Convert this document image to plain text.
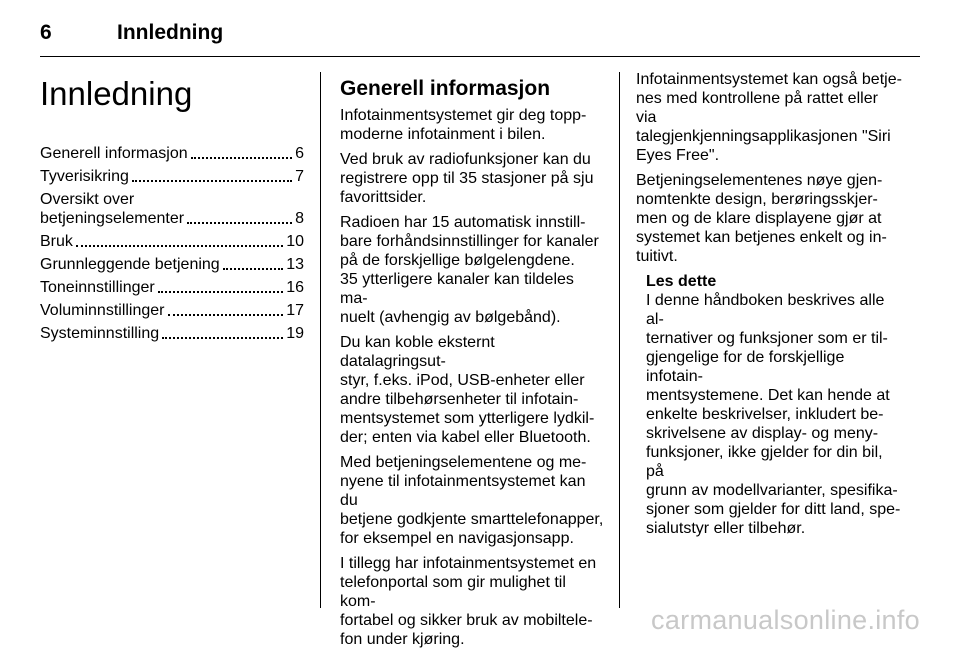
6	Innledning
Innledning
Generell informasjon	6
Tyverisikring	7
Oversikt over
betjeningselementer	8
Bruk	10
Grunnleggende betjening	13
Toneinnstillinger	16
Voluminnstillinger	17
Systeminnstilling	19
Generell informasjon
Infotainmentsystemet gir deg topp-
moderne infotainment i bilen.
Ved bruk av radiofunksjoner kan du
registrere opp til 35 stasjoner på sju
favorittsider.
Radioen har 15 automatisk innstill-
bare forhåndsinnstillinger for kanaler
på de forskjellige bølgelengdene.
35 ytterligere kanaler kan tildeles ma-
nuelt (avhengig av bølgebånd).
Du kan koble eksternt datalagringsut-
styr, f.eks. iPod, USB-enheter eller
andre tilbehørsenheter til infotain-
mentsystemet som ytterligere lydkil-
der; enten via kabel eller Bluetooth.
Med betjeningselementene og me-
nyene til infotainmentsystemet kan du
betjene godkjente smarttelefonapper,
for eksempel en navigasjonsapp.
I tillegg har infotainmentsystemet en
telefonportal som gir mulighet til kom-
fortabel og sikker bruk av mobiltele-
fon under kjøring.
Infotainmentsystemet kan også betje-
nes med kontrollene på rattet eller via
talegjenkjenningsapplikasjonen "Siri
Eyes Free".
Betjeningselementenes nøye gjen-
nomtenkte design, berøringsskjer-
men og de klare displayene gjør at
systemet kan betjenes enkelt og in-
tuitivt.
Les dette
I denne håndboken beskrives alle al-
ternativer og funksjoner som er til-
gjengelige for de forskjellige infotain-
mentsystemene. Det kan hende at
enkelte beskrivelser, inkludert be-
skrivelsene av display- og meny-
funksjoner, ikke gjelder for din bil, på
grunn av modellvarianter, spesifika-
sjoner som gjelder for ditt land, spe-
sialutstyr eller tilbehør.
carmanualsonline.info
